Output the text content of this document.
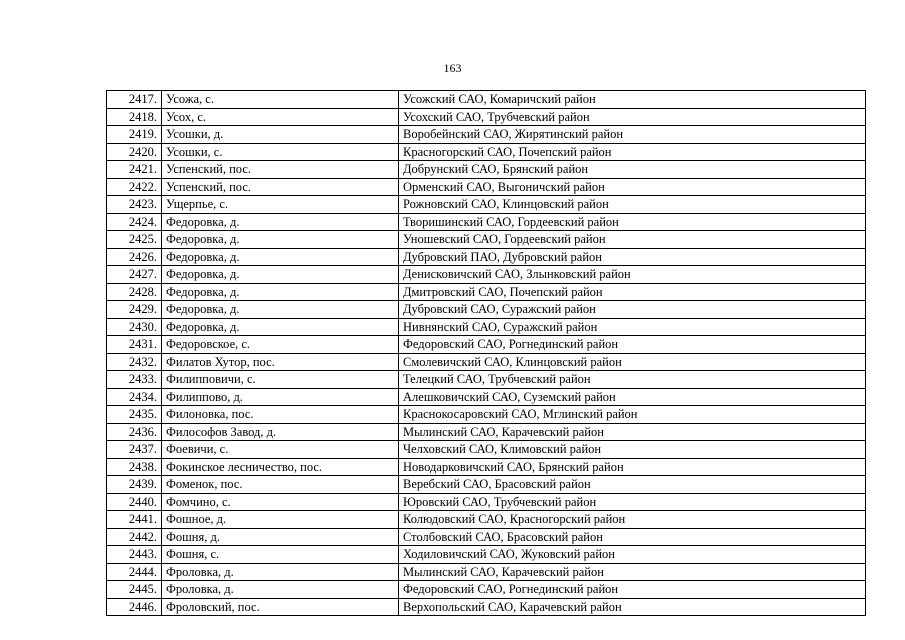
163
2417.	Усожа, с.	Усожский САО, Комаричский район
2418.	Усох, с.	Усохский САО, Трубчевский район
2419.	Усошки, д.	Воробейнский САО, Жирятинский район
2420.	Усошки, с.	Красногорский САО, Почепский район
2421.	Успенский, пос.	Добрунский САО, Брянский район
2422.	Успенский, пос.	Орменский САО, Выгоничский район
2423.	Ущерпье, с.	Рожновский САО, Клинцовский район
2424.	Федоровка, д.	Творишинский САО, Гордеевский район
2425.	Федоровка, д.	Уношевский САО, Гордеевский район
2426.	Федоровка, д.	Дубровский ПАО, Дубровский район
2427.	Федоровка, д.	Денисковичский САО, Злынковский район
2428.	Федоровка, д.	Дмитровский САО, Почепский район
2429.	Федоровка, д.	Дубровский САО, Суражский район
2430.	Федоровка, д.	Нивнянский САО, Суражский район
2431.	Федоровское, с.	Федоровский САО, Рогнединский район
2432.	Филатов Хутор, пос.	Смолевичский САО, Клинцовский район
2433.	Филипповичи, с.	Телецкий САО, Трубчевский район
2434.	Филиппово, д.	Алешковичский САО, Суземский район
2435.	Филоновка, пос.	Краснокосаровский САО, Мглинский район
2436.	Философов Завод, д.	Мылинский САО, Карачевский район
2437.	Фоевичи, с.	Челховский САО, Климовский район
2438.	Фокинское лесничество, пос.	Новодарковичский САО, Брянский район
2439.	Фоменок, пос.	Веребский САО, Брасовский район
2440.	Фомчино, с.	Юровский САО, Трубчевский район
2441.	Фошное, д.	Колюдовский САО, Красногорский район
2442.	Фошня, д.	Столбовский САО, Брасовский район
2443.	Фошня, с.	Ходиловичский САО, Жуковский район
2444.	Фроловка, д.	Мылинский САО, Карачевский район
2445.	Фроловка, д.	Федоровский САО, Рогнединский район
2446.	Фроловский, пос.	Верхопольский САО, Карачевский район
